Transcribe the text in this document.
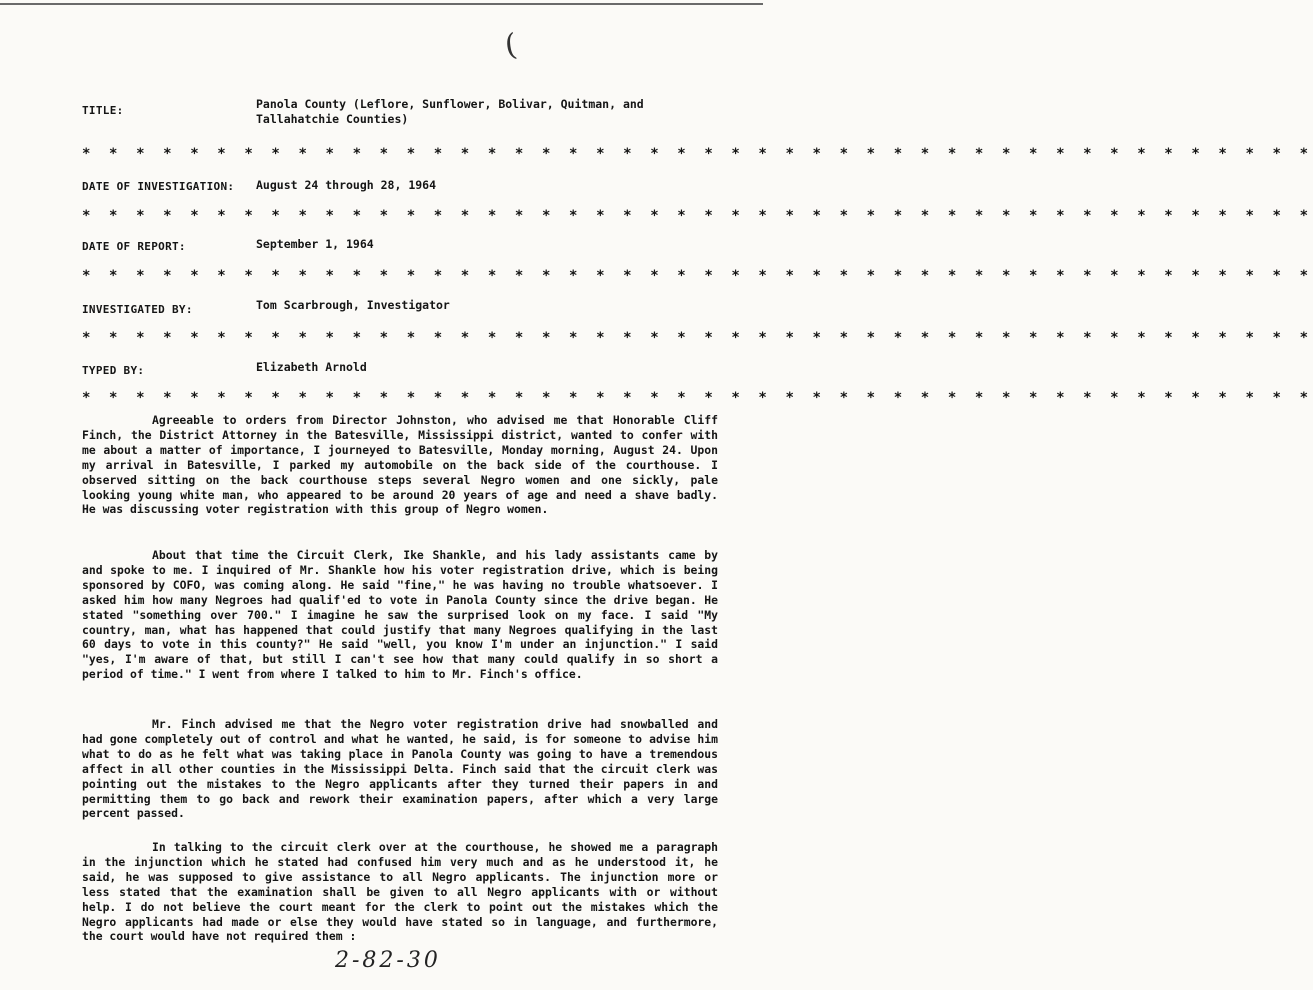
(
TITLE:	Panola County (Leflore, Sunflower, Bolivar, Quitman, and Tallahatchie Counties)
* * * * * * * * * * * * * * * * * * * * * * * * * * * * * * * * * * * * * * * * * * * * * *
DATE OF INVESTIGATION: August 24 through 28, 1964
* * * * * * * * * * * * * * * * * * * * * * * * * * * * * * * * * * * * * * * * * * * * * *
DATE OF REPORT:	September 1, 1964
* * * * * * * * * * * * * * * * * * * * * * * * * * * * * * * * * * * * * * * * * * * * * *
INVESTIGATED BY:	Tom Scarbrough, Investigator
* * * * * * * * * * * * * * * * * * * * * * * * * * * * * * * * * * * * * * * * * * * * * *
TYPED BY:	Elizabeth Arnold
* * * * * * * * * * * * * * * * * * * * * * * * * * * * * * * * * * * * * * * * * * * * * *

Agreeable to orders from Director Johnston, who advised me that Honorable Cliff Finch, the District Attorney in the Batesville, Mississippi district, wanted to confer with me about a matter of importance, I journeyed to Batesville, Monday morning, August 24. Upon my arrival in Batesville, I parked my automobile on the back side of the courthouse. I observed sitting on the back courthouse steps several Negro women and one sickly, pale looking young white man, who appeared to be around 20 years of age and need a shave badly. He was discussing voter registration with this group of Negro women.

About that time the Circuit Clerk, Ike Shankle, and his lady assistants came by and spoke to me. I inquired of Mr. Shankle how his voter registration drive, which is being sponsored by COFO, was coming along. He said "fine," he was having no trouble whatsoever. I asked him how many Negroes had qualif'ed to vote in Panola County since the drive began. He stated "something over 700." I imagine he saw the surprised look on my face. I said "My country, man, what has happened that could justify that many Negroes qualifying in the last 60 days to vote in this county?" He said "well, you know I'm under an injunction." I said "yes, I'm aware of that, but still I can't see how that many could qualify in so short a period of time." I went from where I talked to him to Mr. Finch's office.

Mr. Finch advised me that the Negro voter registration drive had snowballed and had gone completely out of control and what he wanted, he said, is for someone to advise him what to do as he felt what was taking place in Panola County was going to have a tremendous affect in all other counties in the Mississippi Delta. Finch said that the circuit clerk was pointing out the mistakes to the Negro applicants after they turned their papers in and permitting them to go back and rework their examination papers, after which a very large percent passed.

In talking to the circuit clerk over at the courthouse, he showed me a paragraph in the injunction which he stated had confused him very much and as he understood it, he said, he was supposed to give assistance to all Negro applicants. The injunction more or less stated that the examination shall be given to all Negro applicants with or without help. I do not believe the court meant for the clerk to point out the mistakes which the Negro applicants had made or else they would have stated so in language, and furthermore, the court would have not required them :

2-82-30
